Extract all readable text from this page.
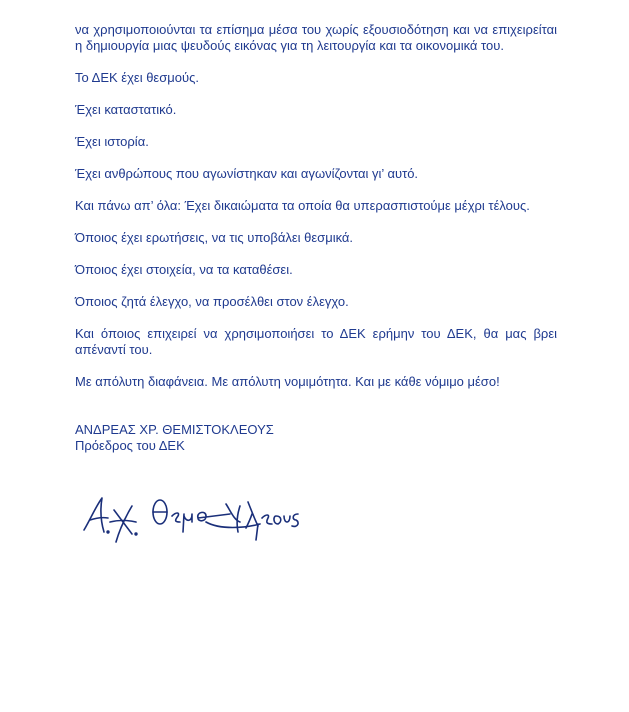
να χρησιμοποιούνται τα επίσημα μέσα του χωρίς εξουσιοδότηση και να επιχειρείται η δημιουργία μιας ψευδούς εικόνας για τη λειτουργία και τα οικονομικά του.

Το ΔΕΚ έχει θεσμούς.

Έχει καταστατικό.

Έχει ιστορία.

Έχει ανθρώπους που αγωνίστηκαν και αγωνίζονται γι’ αυτό.

Και πάνω απ’ όλα: Έχει δικαιώματα τα οποία θα υπερασπιστούμε μέχρι τέλους.

Όποιος έχει ερωτήσεις, να τις υποβάλει θεσμικά.

Όποιος έχει στοιχεία, να τα καταθέσει.

Όποιος ζητά έλεγχο, να προσέλθει στον έλεγχο.

Και όποιος επιχειρεί να χρησιμοποιήσει το ΔΕΚ ερήμην του ΔΕΚ, θα μας βρει απέναντί του.

Με απόλυτη διαφάνεια. Με απόλυτη νομιμότητα. Και με κάθε νόμιμο μέσο!

ΑΝΔΡΕΑΣ ΧΡ. ΘΕΜΙΣΤΟΚΛΕΟΥΣ

Πρόεδρος του ΔΕΚ
